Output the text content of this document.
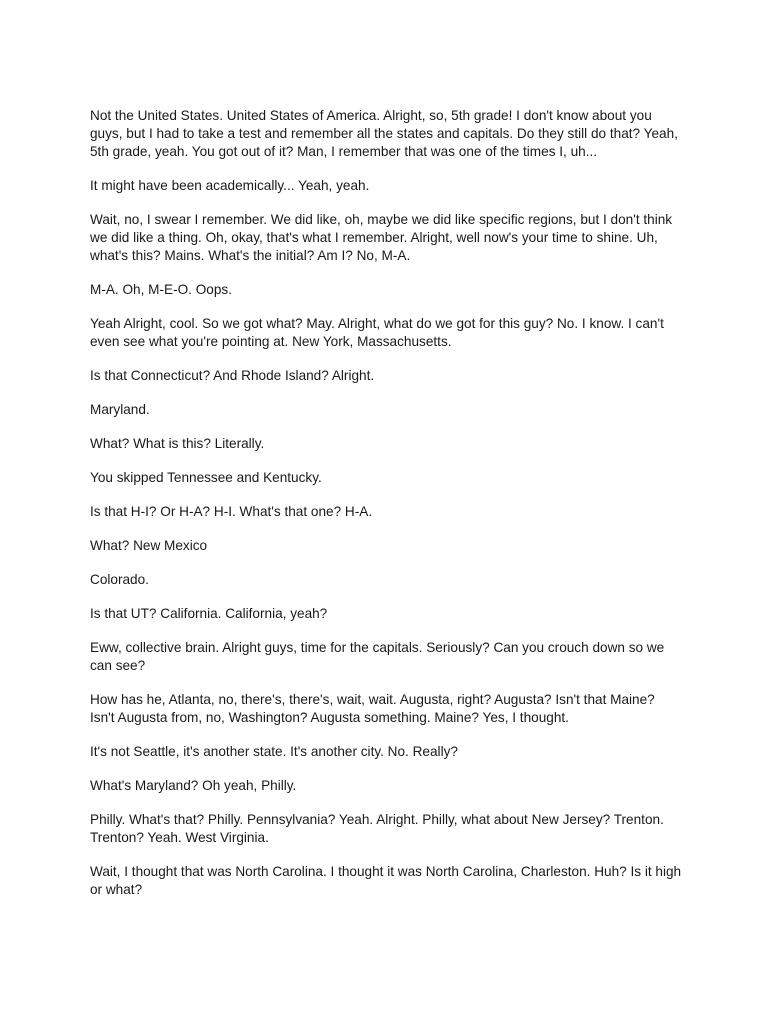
Not the United States. United States of America. Alright, so, 5th grade! I don't know about you guys, but I had to take a test and remember all the states and capitals. Do they still do that? Yeah, 5th grade, yeah. You got out of it? Man, I remember that was one of the times I, uh...

It might have been academically... Yeah, yeah.

Wait, no, I swear I remember. We did like, oh, maybe we did like specific regions, but I don't think we did like a thing. Oh, okay, that's what I remember. Alright, well now's your time to shine. Uh, what's this? Mains. What's the initial? Am I? No, M-A.

M-A. Oh, M-E-O. Oops.

Yeah Alright, cool. So we got what? May. Alright, what do we got for this guy? No. I know. I can't even see what you're pointing at. New York, Massachusetts.

Is that Connecticut? And Rhode Island? Alright.

Maryland.

What? What is this? Literally.

You skipped Tennessee and Kentucky.

Is that H-I? Or H-A? H-I. What's that one? H-A.

What? New Mexico

Colorado.

Is that UT? California. California, yeah?

Eww, collective brain. Alright guys, time for the capitals. Seriously? Can you crouch down so we can see?

How has he, Atlanta, no, there's, there's, wait, wait. Augusta, right? Augusta? Isn't that Maine? Isn't Augusta from, no, Washington? Augusta something. Maine? Yes, I thought.

It's not Seattle, it's another state. It's another city. No. Really?

What's Maryland? Oh yeah, Philly.

Philly. What's that? Philly. Pennsylvania? Yeah. Alright. Philly, what about New Jersey? Trenton. Trenton? Yeah. West Virginia.

Wait, I thought that was North Carolina. I thought it was North Carolina, Charleston. Huh? Is it high or what?
